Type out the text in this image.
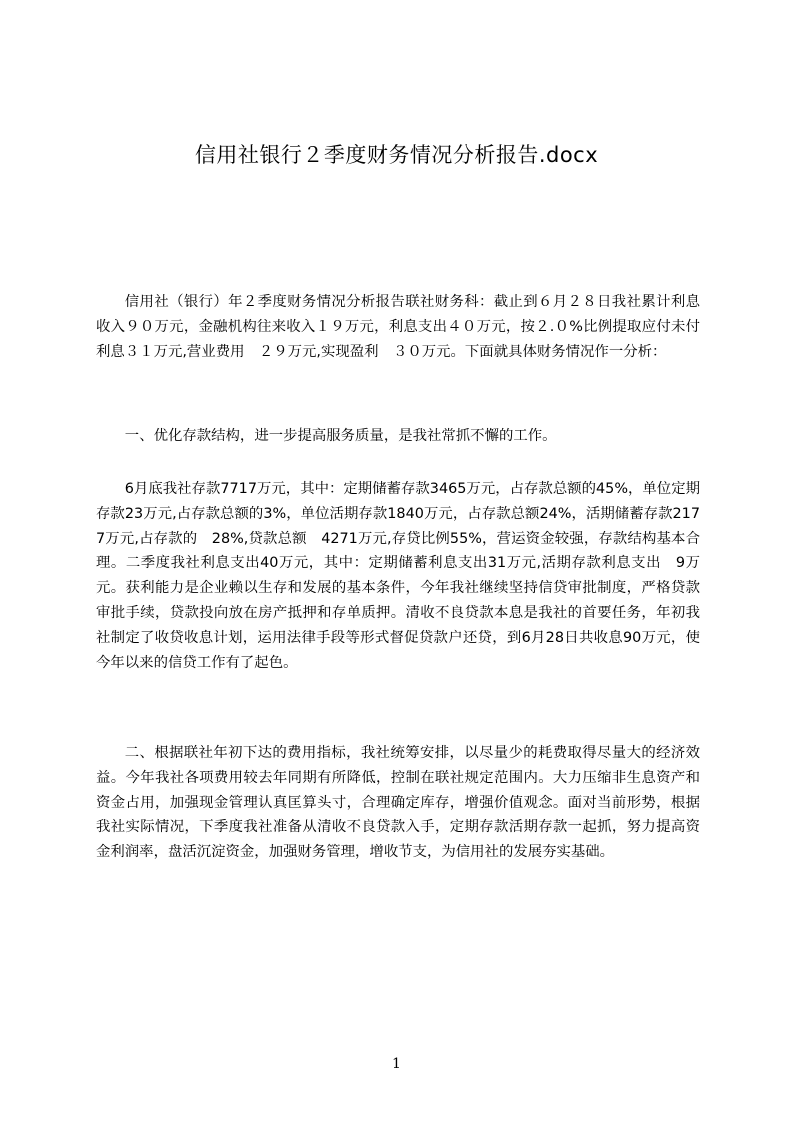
信用社银行２季度财务情况分析报告.docx

信用社（银行）年２季度财务情况分析报告联社财务科：截止到６月２８日我社累计利息收入９０万元，金融机构往来收入１９万元，利息支出４０万元，按２.０%比例提取应付未付利息３１万元,营业费用　２９万元,实现盈利　３０万元。下面就具体财务情况作一分析：

一、优化存款结构，进一步提高服务质量，是我社常抓不懈的工作。

6月底我社存款7717万元，其中：定期储蓄存款3465万元，占存款总额的45%，单位定期存款23万元,占存款总额的3%，单位活期存款1840万元，占存款总额24%，活期储蓄存款2177万元,占存款的　28%,贷款总额　4271万元,存贷比例55%，营运资金较强，存款结构基本合理。二季度我社利息支出40万元，其中：定期储蓄利息支出31万元,活期存款利息支出　9万元。获利能力是企业赖以生存和发展的基本条件，今年我社继续坚持信贷审批制度，严格贷款审批手续，贷款投向放在房产抵押和存单质押。清收不良贷款本息是我社的首要任务，年初我社制定了收贷收息计划，运用法律手段等形式督促贷款户还贷，到6月28日共收息90万元，使今年以来的信贷工作有了起色。

二、根据联社年初下达的费用指标，我社统筹安排，以尽量少的耗费取得尽量大的经济效益。今年我社各项费用较去年同期有所降低，控制在联社规定范围内。大力压缩非生息资产和资金占用，加强现金管理认真匡算头寸，合理确定库存，增强价值观念。面对当前形势，根据我社实际情况，下季度我社准备从清收不良贷款入手，定期存款活期存款一起抓，努力提高资金利润率，盘活沉淀资金，加强财务管理，增收节支，为信用社的发展夯实基础。

1
